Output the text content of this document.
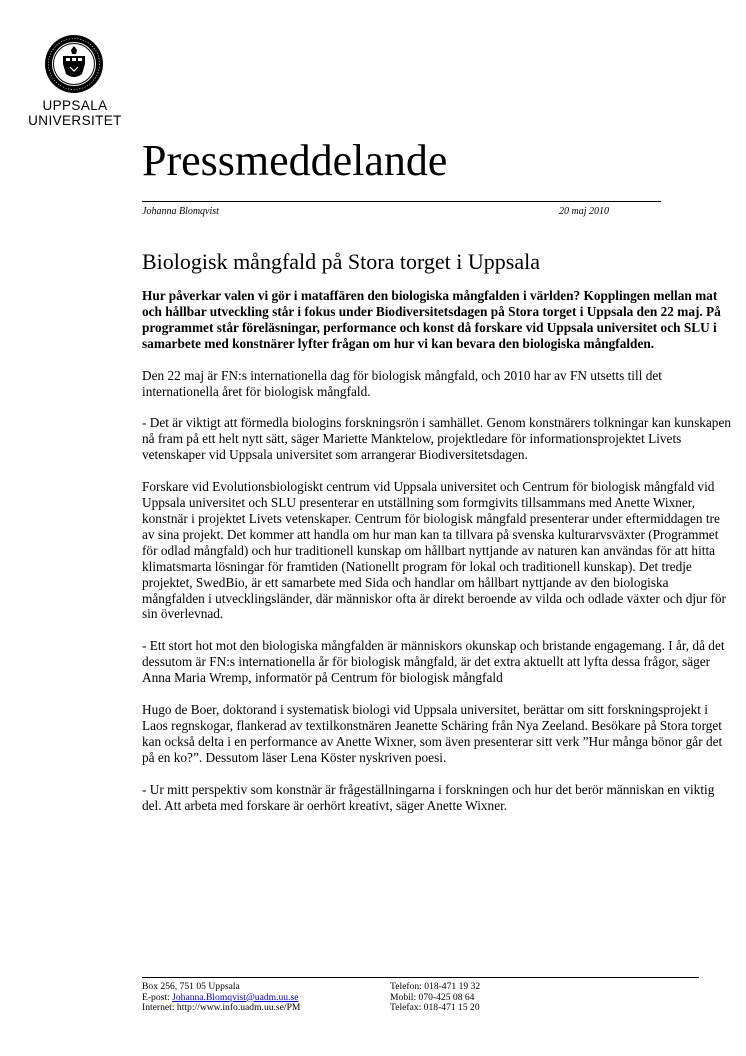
UPPSALA
UNIVERSITET
Pressmeddelande
Johanna Blomqvist	20 maj 2010
Biologisk mångfald på Stora torget i Uppsala

Hur påverkar valen vi gör i mataffären den biologiska mångfalden i världen? Kopplingen mellan mat och hållbar utveckling står i fokus under Biodiversitetsdagen på Stora torget i Uppsala den 22 maj. På programmet står föreläsningar, performance och konst då forskare vid Uppsala universitet och SLU i samarbete med konstnärer lyfter frågan om hur vi kan bevara den biologiska mångfalden.

Den 22 maj är FN:s internationella dag för biologisk mångfald, och 2010 har av FN utsetts till det internationella året för biologisk mångfald.

- Det är viktigt att förmedla biologins forskningsrön i samhället. Genom konstnärers tolkningar kan kunskapen nå fram på ett helt nytt sätt, säger Mariette Manktelow, projektledare för informationsprojektet Livets vetenskaper vid Uppsala universitet som arrangerar Biodiversitetsdagen.

Forskare vid Evolutionsbiologiskt centrum vid Uppsala universitet och Centrum för biologisk mångfald vid Uppsala universitet och SLU presenterar en utställning som formgivits tillsammans med Anette Wixner, konstnär i projektet Livets vetenskaper. Centrum för biologisk mångfald presenterar under eftermiddagen tre av sina projekt. Det kommer att handla om hur man kan ta tillvara på svenska kulturarvsväxter (Programmet för odlad mångfald) och hur traditionell kunskap om hållbart nyttjande av naturen kan användas för att hitta klimatsmarta lösningar för framtiden (Nationellt program för lokal och traditionell kunskap). Det tredje projektet, SwedBio, är ett samarbete med Sida och handlar om hållbart nyttjande av den biologiska mångfalden i utvecklingsländer, där människor ofta är direkt beroende av vilda och odlade växter och djur för sin överlevnad.

- Ett stort hot mot den biologiska mångfalden är människors okunskap och bristande engagemang. I år, då det dessutom är FN:s internationella år för biologisk mångfald, är det extra aktuellt att lyfta dessa frågor, säger Anna Maria Wremp, informatör på Centrum för biologisk mångfald

Hugo de Boer, doktorand i systematisk biologi vid Uppsala universitet, berättar om sitt forskningsprojekt i Laos regnskogar, flankerad av textilkonstnären Jeanette Schäring från Nya Zeeland. Besökare på Stora torget kan också delta i en performance av Anette Wixner, som även presenterar sitt verk ”Hur många bönor går det på en ko?”. Dessutom läser Lena Köster nyskriven poesi.

- Ur mitt perspektiv som konstnär är frågeställningarna i forskningen och hur det berör människan en viktig del. Att arbeta med forskare är oerhört kreativt, säger Anette Wixner.

Box 256, 751 05 Uppsala
E-post: Johanna.Blomqvist@uadm.uu.se
Internet: http://www.info.uadm.uu.se/PM
Telefon: 018-471 19 32
Mobil: 070-425 08 64
Telefax: 018-471 15 20
